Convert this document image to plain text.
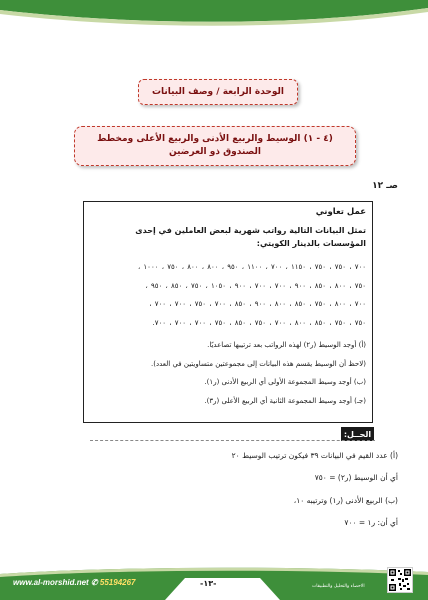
الوحدة الرابعة / وصف البيانات
(٤ - ١) الوسيط والربيع الأدنى والربيع الأعلى ومخطط الصندوق ذو العرضين
صـ ١٢
عمل تعاوني
تمثل البيانات التالية رواتب شهرية لبعض العاملين في إحدى المؤسسات بالدينار الكويتي:
٧٠٠ ، ٧٥٠ ، ٧٥٠ ، ١١٥٠ ، ٧٠٠ ، ١١٠٠ ، ٩٥٠ ، ٨٠٠ ، ٨٠٠ ، ٧٥٠ ، ١٠٠٠ ،
٧٥٠ ، ٨٠٠ ، ٨٥٠ ، ٩٠٠ ، ٧٠٠ ، ٧٠٠ ، ٩٠٠ ، ١٠٥٠ ، ٧٥٠ ، ٨٥٠ ، ٩٥٠ ،
٧٠٠ ، ٨٠٠ ، ٧٥٠ ، ٨٥٠ ، ٨٠٠ ، ٩٠٠ ، ٨٥٠ ، ٧٠٠ ، ٧٥٠ ، ٧٠٠ ، ٧٠٠ ،
٧٥٠ ، ٧٥٠ ، ٨٥٠ ، ٨٠٠ ، ٧٠٠ ، ٧٥٠ ، ٨٥٠ ، ٧٥٠ ، ٧٠٠ ، ٧٠٠ ، ٧٠٠.
(أ) أوجد الوسيط (ر٢) لهذه الرواتب بعد ترتيبها تصاعديًا.
(لاحظ أن الوسيط يقسم هذه البيانات إلى مجموعتين متساويتين في العدد).
(ب) أوجد وسيط المجموعة الأولى أي الربيع الأدنى (ر١).
(جـ) أوجد وسيط المجموعة الثانية أي الربيع الأعلى (ر٣).
الحــل:
(أ) عدد القيم في البيانات ٣٩ فيكون ترتيب الوسيط ٢٠
أي أن الوسيط (ر٢) = ٧٥٠
(ب) الربيع الأدنى (ر١) وترتيبه ١٠،
أي أن: ر١ = ٧٠٠
www.al-morshid.net ✆ 55194267	-١٣-	الاحصاء والتحليل والتطبيقات
